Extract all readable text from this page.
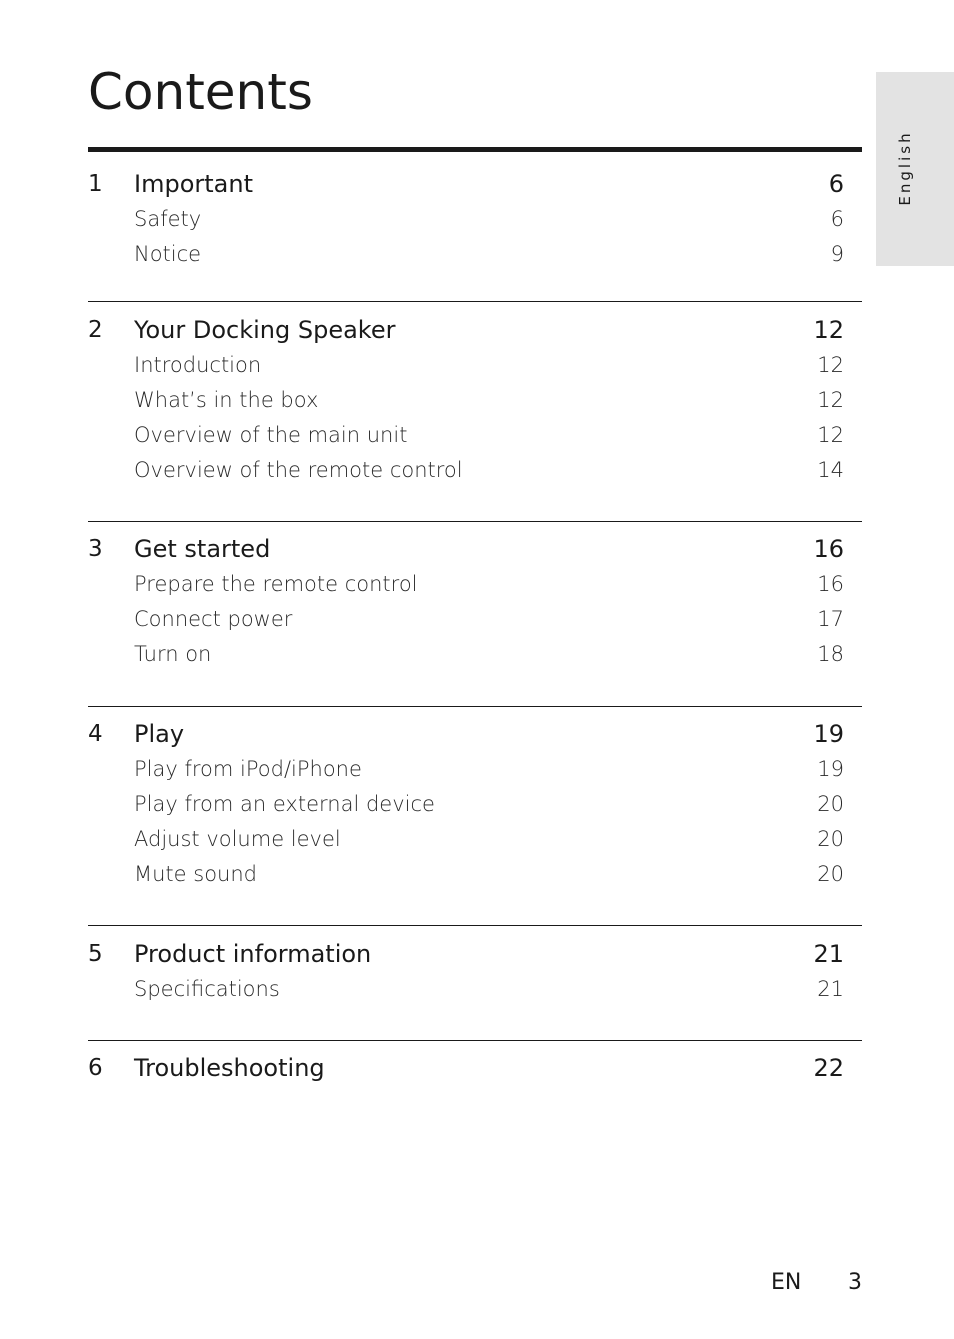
Contents
English
1 Important	6
Safety	6
Notice	9
2 Your Docking Speaker	12
Introduction	12
What’s in the box	12
Overview of the main unit	12
Overview of the remote control	14
3 Get started	16
Prepare the remote control	16
Connect power	17
Turn on	18
4 Play	19
Play from iPod/iPhone	19
Play from an external device	20
Adjust volume level	20
Mute sound	20
5 Product information	21
Specifications	21
6 Troubleshooting	22
EN 3
